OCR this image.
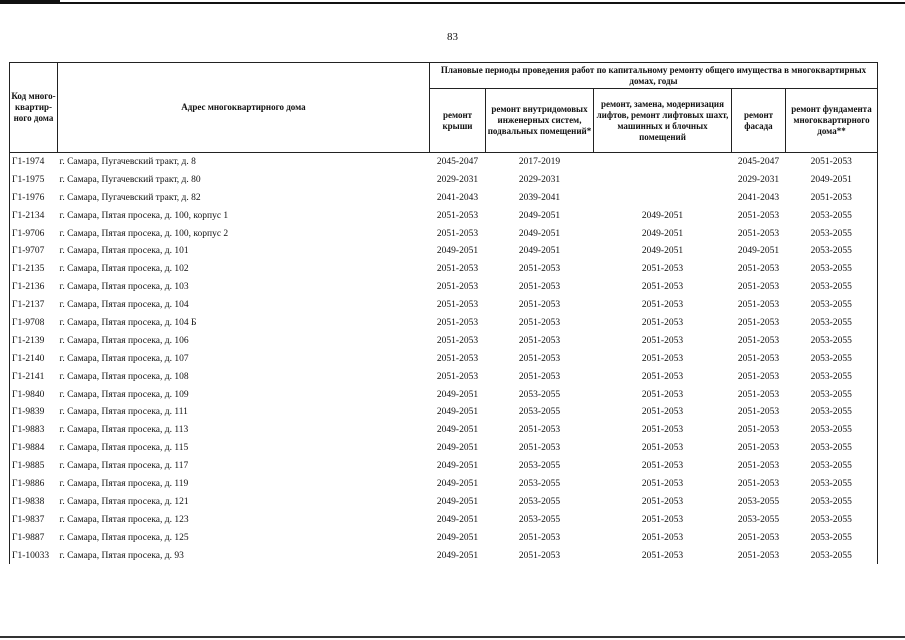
83
Код много-квартир-ного дома	Адрес многоквартирного дома	Плановые периоды проведения работ по капитальному ремонту общего имущества в многоквартирных домах, годы				
		ремонт крыши	ремонт внутридомовых инженерных систем, подвальных помещений*	ремонт, замена, модернизация лифтов, ремонт лифтовых шахт, машинных и блочных помещений	ремонт фасада	ремонт фундамента многоквартирного дома**
Г1-1974	г. Самара, Пугачевский тракт, д. 8	2045-2047	2017-2019		2045-2047	2051-2053
Г1-1975	г. Самара, Пугачевский тракт, д. 80	2029-2031	2029-2031		2029-2031	2049-2051
Г1-1976	г. Самара, Пугачевский тракт, д. 82	2041-2043	2039-2041		2041-2043	2051-2053
Г1-2134	г. Самара, Пятая просека, д. 100, корпус 1	2051-2053	2049-2051	2049-2051	2051-2053	2053-2055
Г1-9706	г. Самара, Пятая просека, д. 100, корпус 2	2051-2053	2049-2051	2049-2051	2051-2053	2053-2055
Г1-9707	г. Самара, Пятая просека, д. 101	2049-2051	2049-2051	2049-2051	2049-2051	2053-2055
Г1-2135	г. Самара, Пятая просека, д. 102	2051-2053	2051-2053	2051-2053	2051-2053	2053-2055
Г1-2136	г. Самара, Пятая просека, д. 103	2051-2053	2051-2053	2051-2053	2051-2053	2053-2055
Г1-2137	г. Самара, Пятая просека, д. 104	2051-2053	2051-2053	2051-2053	2051-2053	2053-2055
Г1-9708	г. Самара, Пятая просека, д. 104 Б	2051-2053	2051-2053	2051-2053	2051-2053	2053-2055
Г1-2139	г. Самара, Пятая просека, д. 106	2051-2053	2051-2053	2051-2053	2051-2053	2053-2055
Г1-2140	г. Самара, Пятая просека, д. 107	2051-2053	2051-2053	2051-2053	2051-2053	2053-2055
Г1-2141	г. Самара, Пятая просека, д. 108	2051-2053	2051-2053	2051-2053	2051-2053	2053-2055
Г1-9840	г. Самара, Пятая просека, д. 109	2049-2051	2053-2055	2051-2053	2051-2053	2053-2055
Г1-9839	г. Самара, Пятая просека, д. 111	2049-2051	2053-2055	2051-2053	2051-2053	2053-2055
Г1-9883	г. Самара, Пятая просека, д. 113	2049-2051	2051-2053	2051-2053	2051-2053	2053-2055
Г1-9884	г. Самара, Пятая просека, д. 115	2049-2051	2051-2053	2051-2053	2051-2053	2053-2055
Г1-9885	г. Самара, Пятая просека, д. 117	2049-2051	2053-2055	2051-2053	2051-2053	2053-2055
Г1-9886	г. Самара, Пятая просека, д. 119	2049-2051	2053-2055	2051-2053	2051-2053	2053-2055
Г1-9838	г. Самара, Пятая просека, д. 121	2049-2051	2053-2055	2051-2053	2053-2055	2053-2055
Г1-9837	г. Самара, Пятая просека, д. 123	2049-2051	2053-2055	2051-2053	2053-2055	2053-2055
Г1-9887	г. Самара, Пятая просека, д. 125	2049-2051	2051-2053	2051-2053	2051-2053	2053-2055
Г1-10033	г. Самара, Пятая просека, д. 93	2049-2051	2051-2053	2051-2053	2051-2053	2053-2055
